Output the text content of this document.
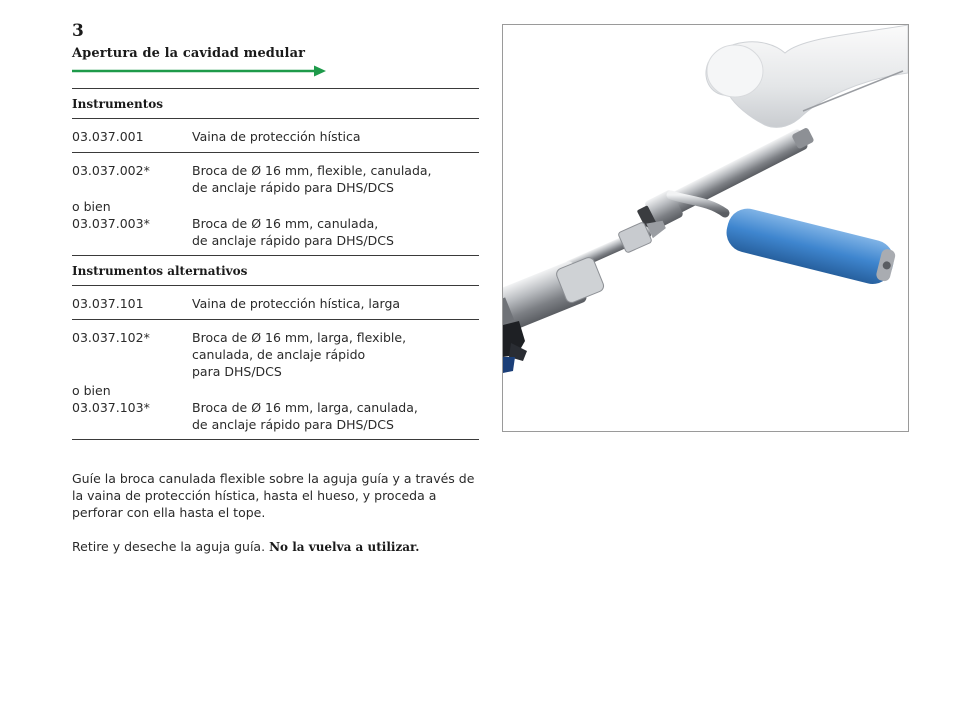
3

Apertura de la cavidad medular

Instrumentos
03.037.001	Vaina de protección hística
03.037.002*	Broca de Ø 16 mm, flexible, canulada,
de anclaje rápido para DHS/DCS
o bien
03.037.003*	Broca de Ø 16 mm, canulada,
de anclaje rápido para DHS/DCS
Instrumentos alternativos
03.037.101	Vaina de protección hística, larga
03.037.102*	Broca de Ø 16 mm, larga, flexible,
canulada, de anclaje rápido
para DHS/DCS
o bien
03.037.103*	Broca de Ø 16 mm, larga, canulada,
de anclaje rápido para DHS/DCS

Guíe la broca canulada flexible sobre la aguja guía y a través de la vaina de protección hística, hasta el hueso, y proceda a perforar con ella hasta el tope.

Retire y deseche la aguja guía. No la vuelva a utilizar.
